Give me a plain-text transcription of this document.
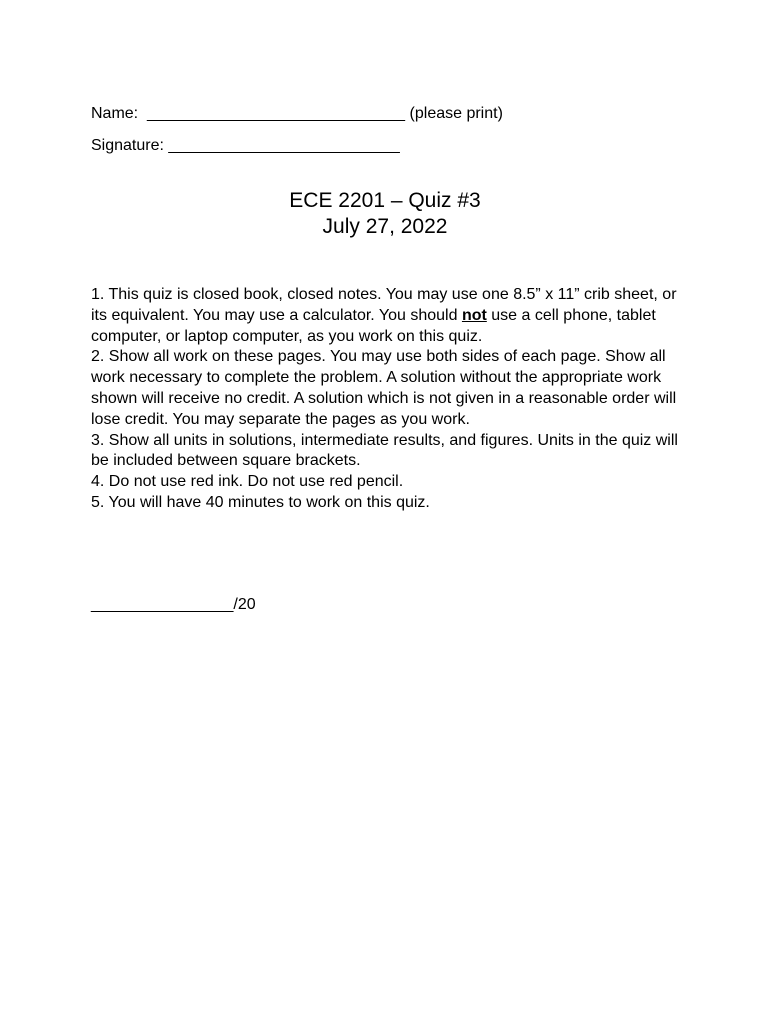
Name: _____________________________ (please print)
Signature: __________________________
ECE 2201 – Quiz #3
July 27, 2022

1. This quiz is closed book, closed notes. You may use one 8.5” x 11” crib sheet, or its equivalent. You may use a calculator. You should not use a cell phone, tablet computer, or laptop computer, as you work on this quiz.

2. Show all work on these pages. You may use both sides of each page. Show all work necessary to complete the problem. A solution without the appropriate work shown will receive no credit. A solution which is not given in a reasonable order will lose credit. You may separate the pages as you work.

3. Show all units in solutions, intermediate results, and figures. Units in the quiz will be included between square brackets.

4. Do not use red ink. Do not use red pencil.

5. You will have 40 minutes to work on this quiz.

________________/20
